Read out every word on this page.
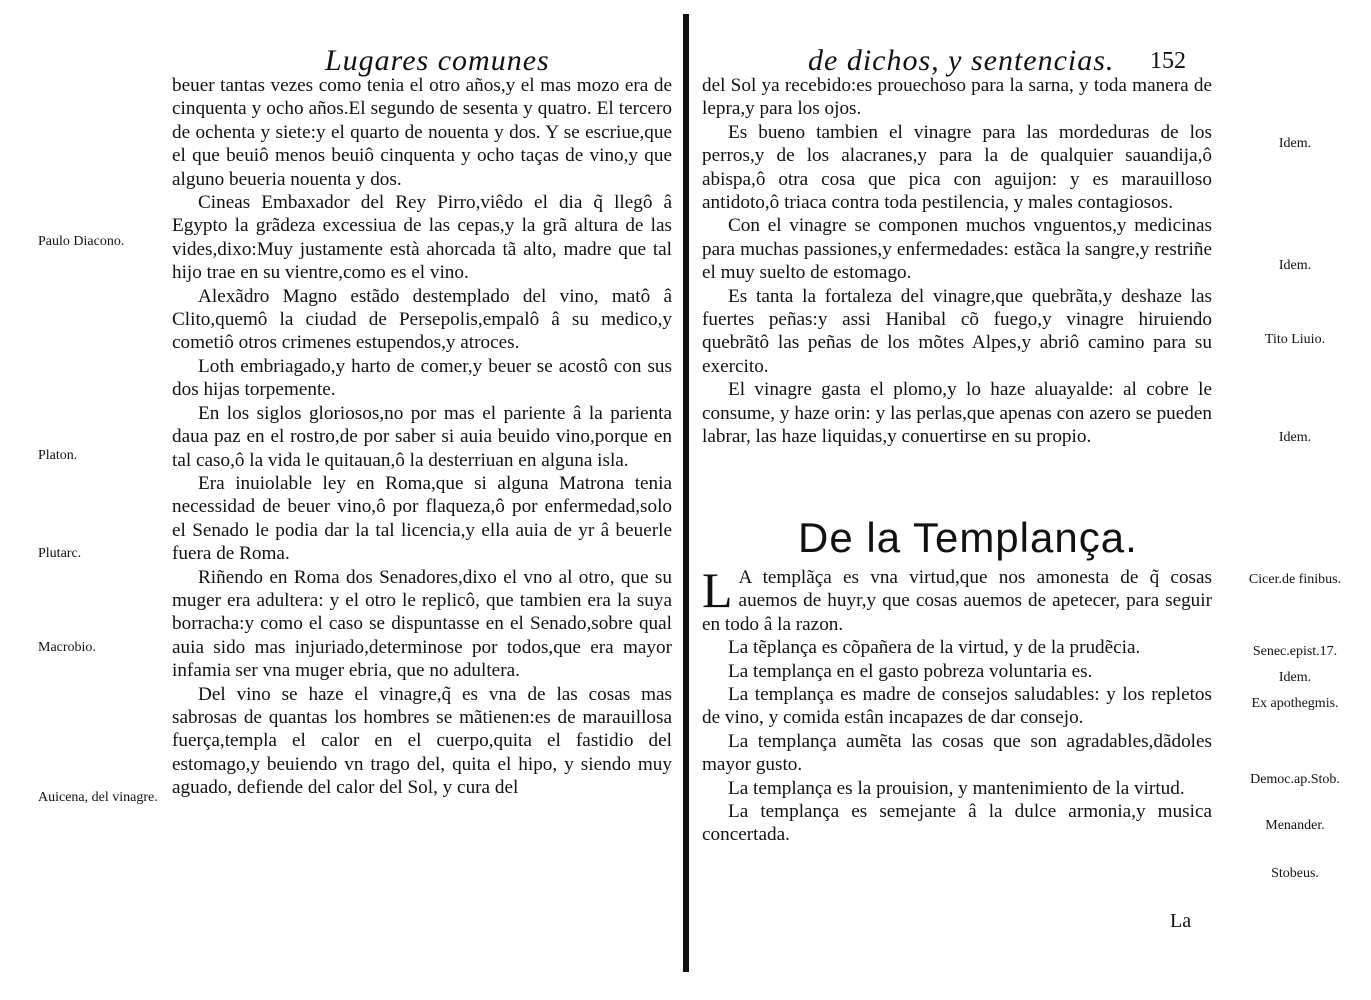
Lugares comunes

beuer tantas vezes como tenia el otro años,y el mas mozo era de cinquenta y ocho años.El segundo de sesenta y quatro. El tercero de ochenta y siete:y el quarto de nouenta y dos. Y se escriue,que el que beuiô menos beuiô cinquenta y ocho taças de vino,y que alguno beueria nouenta y dos.

Cineas Embaxador del Rey Pirro,viêdo el dia q̃ llegô â Egypto la grãdeza excessiua de las cepas,y la grã altura de las vides,dixo:Muy justamente està ahorcada tã alto, madre que tal hijo trae en su vientre,como es el vino.

Alexãdro Magno estãdo destemplado del vino, matô â Clito,quemô la ciudad de Persepolis,empalô â su medico,y cometiô otros crimenes estupendos,y atroces.

Loth embriagado,y harto de comer,y beuer se acostô con sus dos hijas torpemente.

En los siglos gloriosos,no por mas el pariente â la parienta daua paz en el rostro,de por saber si auia beuido vino,porque en tal caso,ô la vida le quitauan,ô la desterriuan en alguna isla.

Era inuiolable ley en Roma,que si alguna Matrona tenia necessidad de beuer vino,ô por flaqueza,ô por enfermedad,solo el Senado le podia dar la tal licencia,y ella auia de yr â beuerle fuera de Roma.

Riñendo en Roma dos Senadores,dixo el vno al otro, que su muger era adultera: y el otro le replicô, que tambien era la suya borracha:y como el caso se dispuntasse en el Senado,sobre qual auia sido mas injuriado,determinose por todos,que era mayor infamia ser vna muger ebria, que no adultera.

Del vino se haze el vinagre,q̃ es vna de las cosas mas sabrosas de quantas los hombres se mãtienen:es de marauillosa fuerça,templa el calor en el cuerpo,quita el fastidio del estomago,y beuiendo vn trago del, quita el hipo, y siendo muy aguado, defiende del calor del Sol, y cura del

Paulo Diacono.
Platon.
Plutarc.
Macrobio.
Auicena, del vinagre.
de dichos, y sentencias. 152

del Sol ya recebido:es prouechoso para la sarna, y toda manera de lepra,y para los ojos.

Es bueno tambien el vinagre para las mordeduras de los perros,y de los alacranes,y para la de qualquier sauandija,ô abispa,ô otra cosa que pica con aguijon: y es marauilloso antidoto,ô triaca contra toda pestilencia, y males contagiosos.

Con el vinagre se componen muchos vnguentos,y medicinas para muchas passiones,y enfermedades: estãca la sangre,y restriñe el muy suelto de estomago.

Es tanta la fortaleza del vinagre,que quebrãta,y deshaze las fuertes peñas:y assi Hanibal cõ fuego,y vinagre hiruiendo quebrãtô las peñas de los mõtes Alpes,y abriô camino para su exercito.

El vinagre gasta el plomo,y lo haze aluayalde: al cobre le consume, y haze orin: y las perlas,que apenas con azero se pueden labrar, las haze liquidas,y conuertirse en su propio.

De la Templança.

L A templãça es vna virtud,que nos amonesta de q̃ cosas auemos de huyr,y que cosas auemos de apetecer, para seguir en todo â la razon.

La tẽplança es cõpañera de la virtud, y de la prudẽcia.

La templança en el gasto pobreza voluntaria es.

La templança es madre de consejos saludables: y los repletos de vino, y comida estân incapazes de dar consejo.

La templança aumẽta las cosas que son agradables,dãdoles mayor gusto.

La templança es la prouision, y mantenimiento de la virtud.

La templança es semejante â la dulce armonia,y musica concertada.

Idem.
Idem.
Tito Liuio.
Idem.
Cicer.de finibus.
Senec.epist.17.
Idem.
Ex apothegmis.
Democ.ap.Stob.
Menander.
Stobeus.
La
